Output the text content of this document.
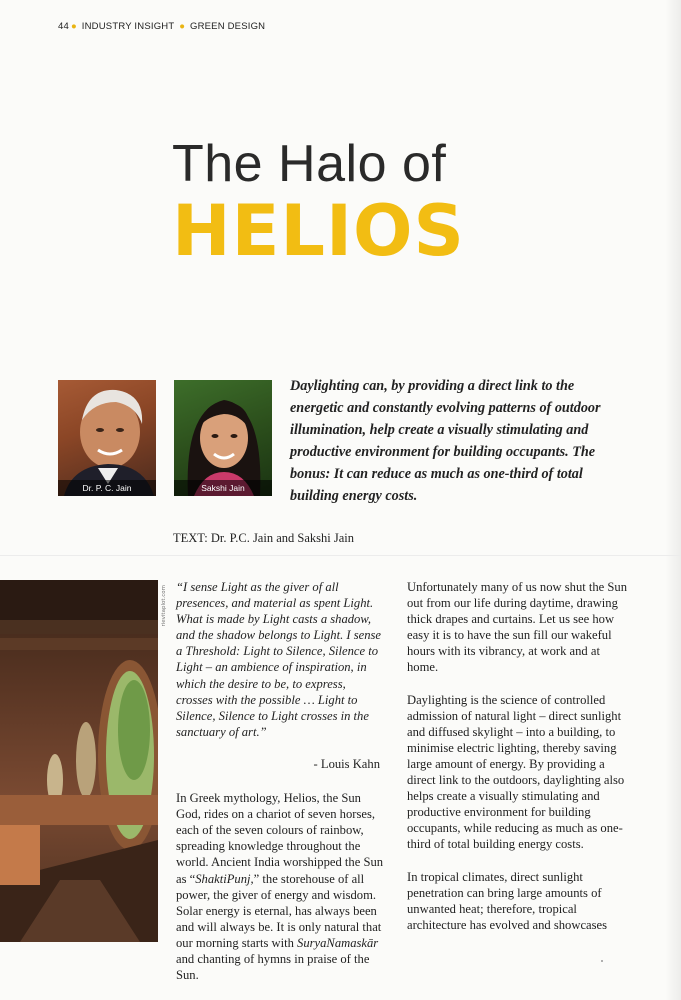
44 ● INDUSTRY INSIGHT ● GREEN DESIGN
The Halo of
HELIOS
Dr. P. C. Jain	Sakshi Jain

Daylighting can, by providing a direct link to the energetic and constantly evolving patterns of outdoor illumination, help create a visually stimulating and productive environment for building occupants. The bonus: It can reduce as much as one-third of total building energy costs.

TEXT: Dr. P.C. Jain and Sakshi Jain
rievitaplot.com “I sense Light as the giver of all presences, and material as spent Light. What is made by Light casts a shadow, and the shadow belongs to Light. I sense a Threshold: Light to Silence, Silence to Light – an ambience of inspiration, in which the desire to be, to express, crosses with the possible … Light to Silence, Silence to Light crosses in the sanctuary of art.”

- Louis Kahn

In Greek mythology, Helios, the Sun God, rides on a chariot of seven horses, each of the seven colours of rainbow, spreading knowledge throughout the world. Ancient India worshipped the Sun as “ShaktiPunj,” the storehouse of all power, the giver of energy and wisdom. Solar energy is eternal, has always been and will always be. It is only natural that our morning starts with SuryaNamaskār and chanting of hymns in praise of the Sun.

Unfortunately many of us now shut the Sun out from our life during daytime, drawing thick drapes and curtains. Let us see how easy it is to have the sun fill our wakeful hours with its vibrancy, at work and at home.

Daylighting is the science of controlled admission of natural light – direct sunlight and diffused skylight – into a building, to minimise electric lighting, thereby saving large amount of energy. By providing a direct link to the outdoors, daylighting also helps create a visually stimulating and productive environment for building occupants, while reducing as much as one-third of total building energy costs.

In tropical climates, direct sunlight penetration can bring large amounts of unwanted heat; therefore, tropical architecture has evolved and showcases
